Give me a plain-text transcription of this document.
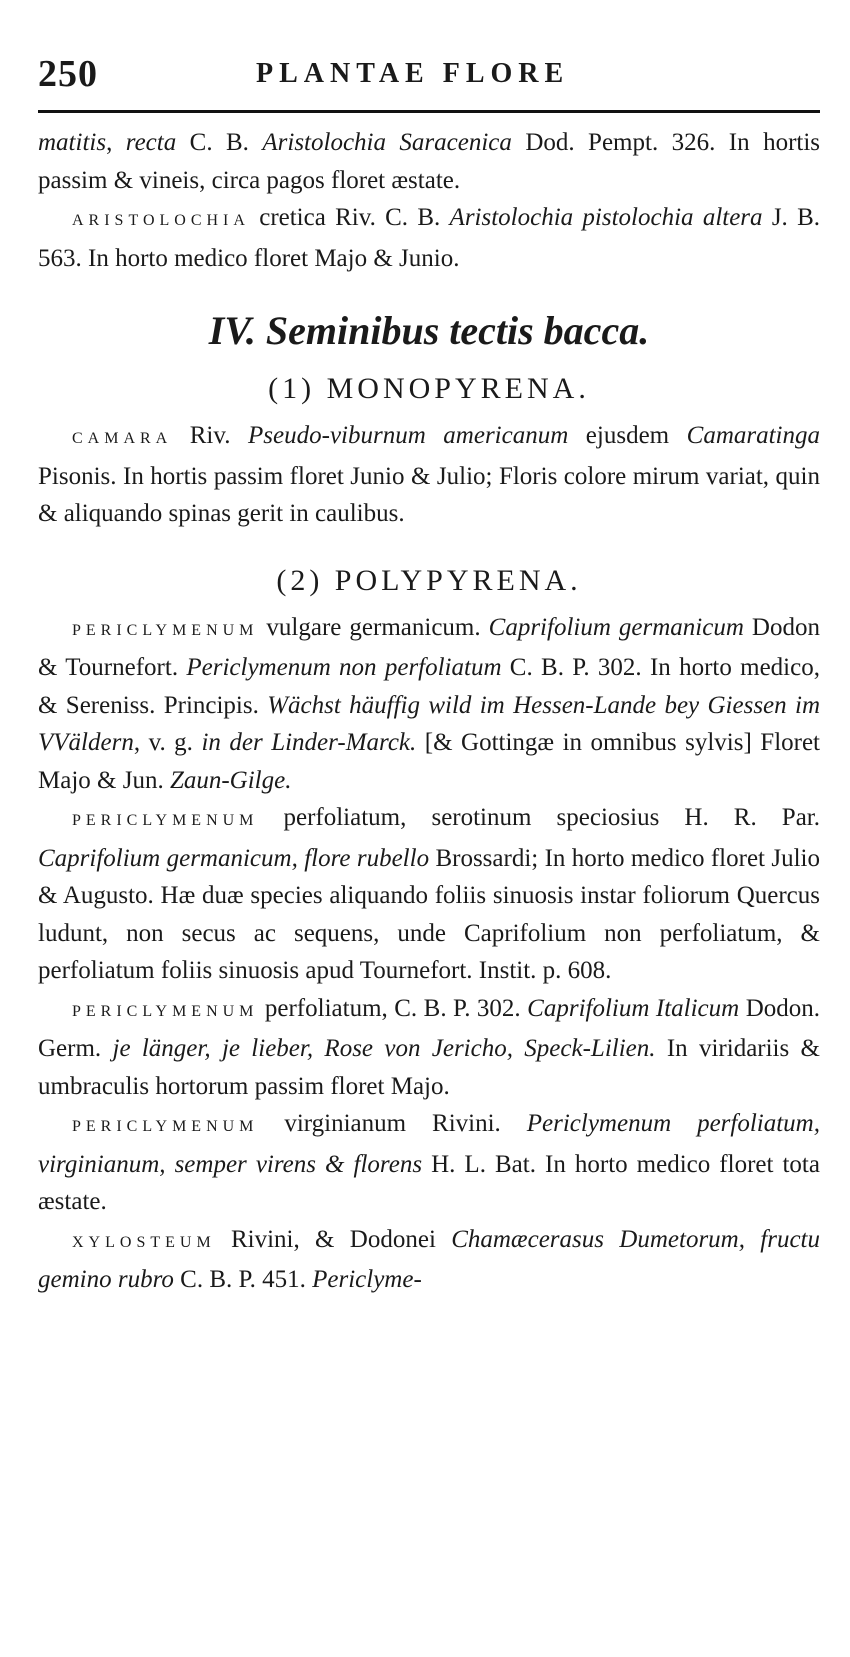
250	PLANTAE FLORE

matitis, recta C. B. Aristolochia Saracenica Dod. Pempt. 326. In hortis passim & vineis, circa pagos floret æstate.

ARISTOLOCHIA cretica Riv. C. B. Aristolochia pistolochia altera J. B. 563. In horto medico floret Majo & Junio.

IV. Seminibus tectis bacca.
(1) MONOPYRENA.

CAMARA Riv. Pseudo-viburnum americanum ejusdem Camaratinga Pisonis. In hortis passim floret Junio & Julio; Floris colore mirum variat, quin & aliquando spinas gerit in caulibus.

(2) POLYPYRENA.

PERICLYMENUM vulgare germanicum. Caprifolium germanicum Dodon & Tournefort. Periclymenum non perfoliatum C. B. P. 302. In horto medico, & Sereniss. Principis. Wächst häuffig wild im Hessen-Lande bey Giessen im VVäldern, v. g. in der Linder-Marck. [& Gottingæ in omnibus sylvis] Floret Majo & Jun. Zaun-Gilge.

PERICLYMENUM perfoliatum, serotinum speciosius H. R. Par. Caprifolium germanicum, flore rubello Brossardi; In horto medico floret Julio & Augusto. Hæ duæ species aliquando foliis sinuosis instar foliorum Quercus ludunt, non secus ac sequens, unde Caprifolium non perfoliatum, & perfoliatum foliis sinuosis apud Tournefort. Instit. p. 608.

PERICLYMENUM perfoliatum, C. B. P. 302. Caprifolium Italicum Dodon. Germ. je länger, je lieber, Rose von Jericho, Speck-Lilien. In viridariis & umbraculis hortorum passim floret Majo.

PERICLYMENUM virginianum Rivini. Periclymenum perfoliatum, virginianum, semper virens & florens H. L. Bat. In horto medico floret tota æstate.

XYLOSTEUM Rivini, & Dodonei Chamæcerasus Dumetorum, fructu gemino rubro C. B. P. 451. Periclyme-
